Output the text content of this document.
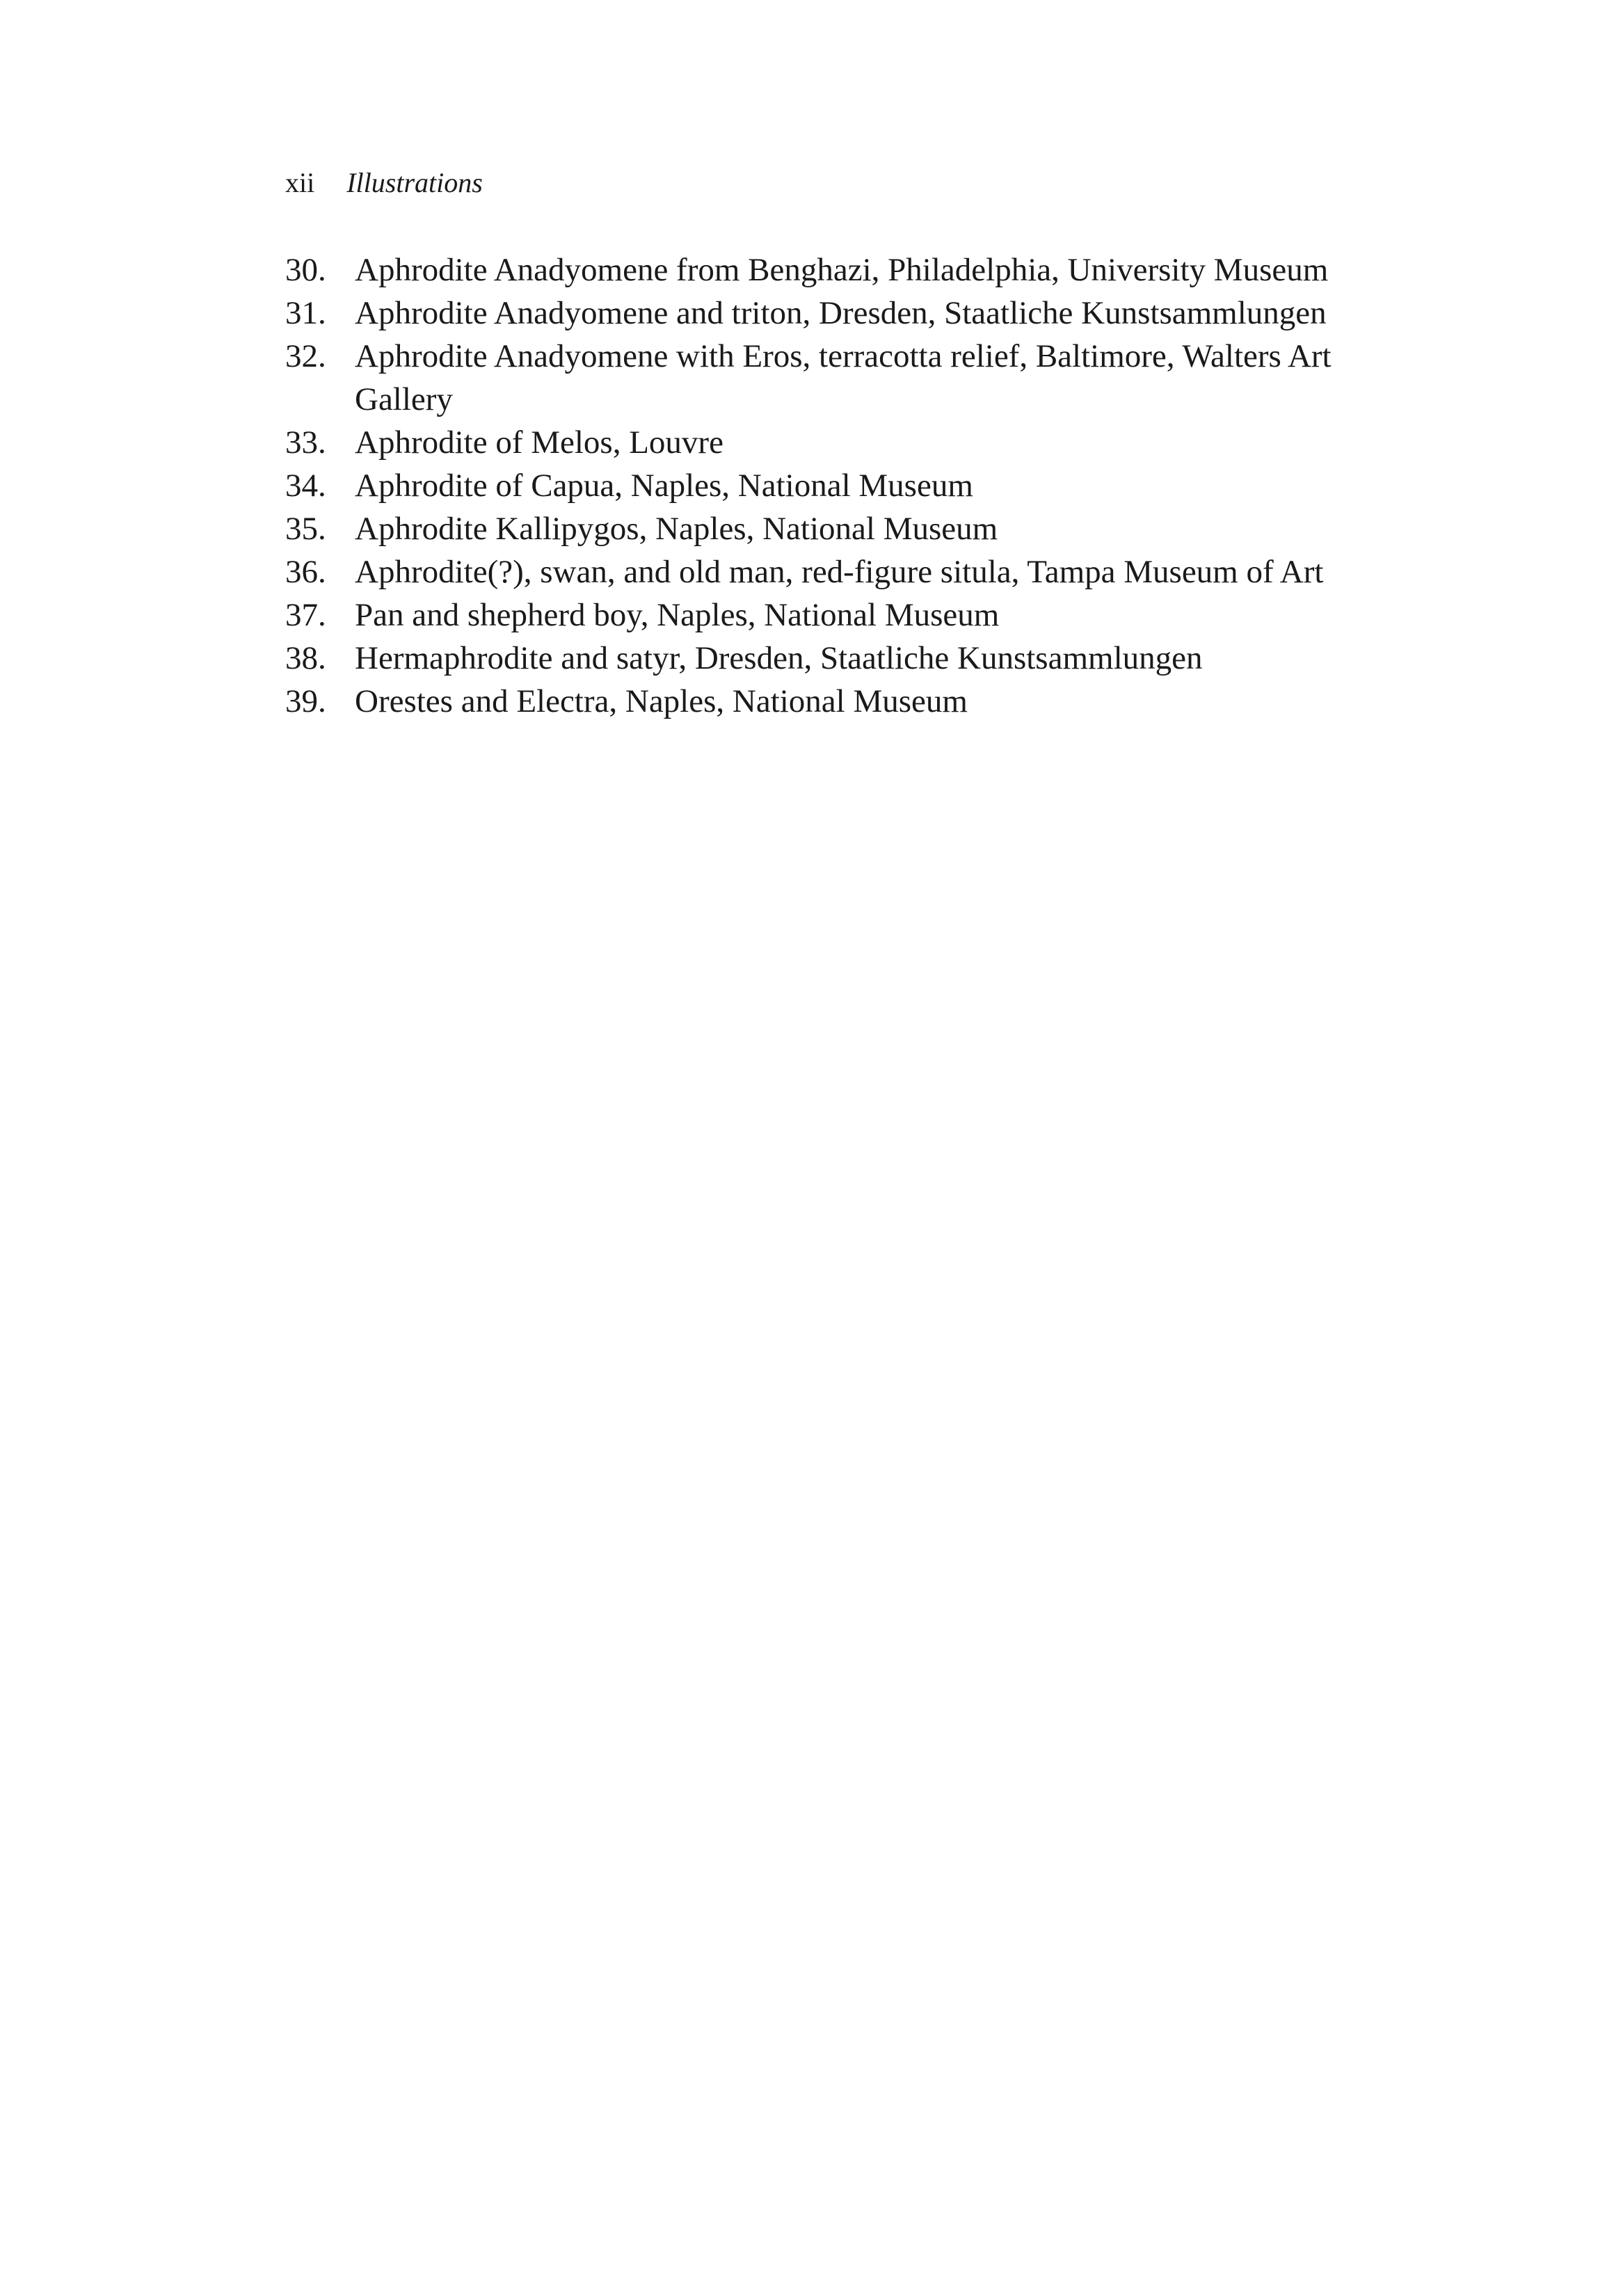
xii Illustrations
30. Aphrodite Anadyomene from Benghazi, Philadelphia, University Museum
31. Aphrodite Anadyomene and triton, Dresden, Staatliche Kunstsammlungen
32. Aphrodite Anadyomene with Eros, terracotta relief, Baltimore, Walters Art Gallery
33. Aphrodite of Melos, Louvre
34. Aphrodite of Capua, Naples, National Museum
35. Aphrodite Kallipygos, Naples, National Museum
36. Aphrodite(?), swan, and old man, red-figure situla, Tampa Museum of Art
37. Pan and shepherd boy, Naples, National Museum
38. Hermaphrodite and satyr, Dresden, Staatliche Kunstsammlungen
39. Orestes and Electra, Naples, National Museum
